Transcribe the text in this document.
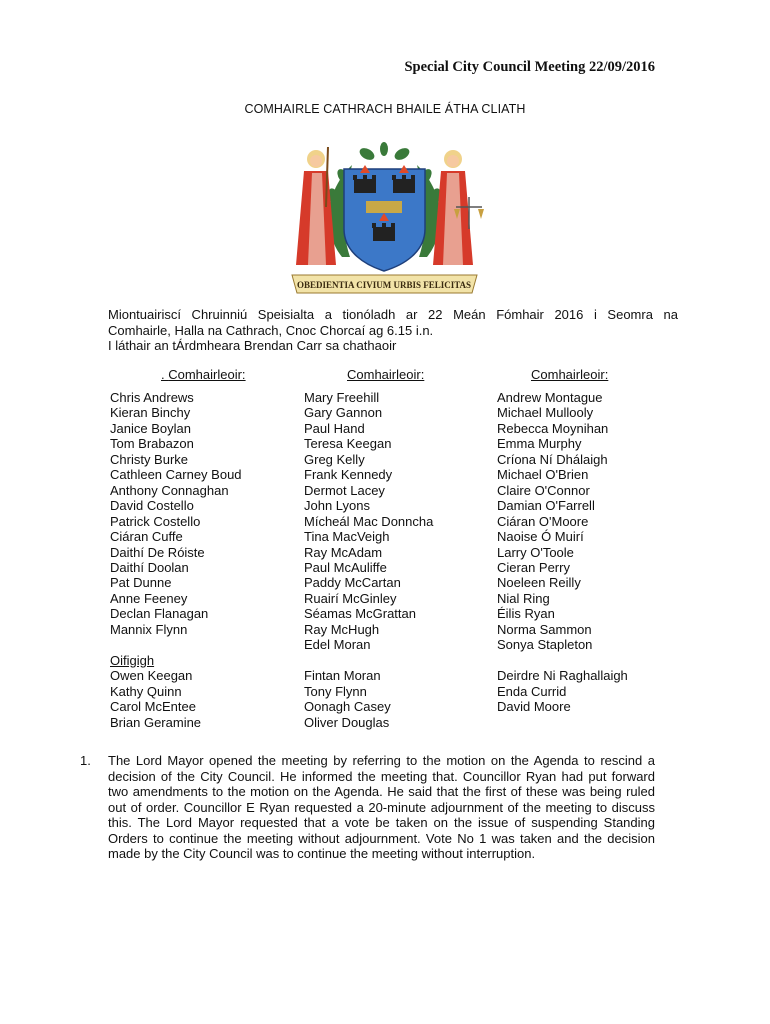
Special City Council Meeting 22/09/2016
COMHAIRLE CATHRACH BHAILE ÁTHA CLIATH
OBEDIENTIA CIVIUM URBIS FELICITAS
Miontuairiscí Chruinniú Speisialta a tionóladh ar 22 Meán Fómhair 2016 i Seomra na
Comhairle, Halla na Cathrach, Cnoc Chorcaí ag 6.15 i.n.
I láthair an tÁrdmheara Brendan Carr sa chathaoir
. Comhairleoir:	Comhairleoir:	Comhairleoir:
Chris Andrews
Kieran Binchy
Janice Boylan
Tom Brabazon
Christy Burke
Cathleen Carney Boud
Anthony Connaghan
David Costello
Patrick Costello
Ciáran Cuffe
Daithí De Róiste
Daithí Doolan
Pat Dunne
Anne Feeney
Declan Flanagan
Mannix Flynn
Oifigigh
Owen Keegan
Kathy Quinn
Carol McEntee
Brian Geramine
Mary Freehill
Gary Gannon
Paul Hand
Teresa Keegan
Greg Kelly
Frank Kennedy
Dermot Lacey
John Lyons
Mícheál Mac Donncha
Tina MacVeigh
Ray McAdam
Paul McAuliffe
Paddy McCartan
Ruairí McGinley
Séamas McGrattan
Ray McHugh
Edel Moran
Fintan Moran
Tony Flynn
Oonagh Casey
Oliver Douglas
Andrew Montague
Michael Mullooly
Rebecca Moynihan
Emma Murphy
Críona Ní Dhálaigh
Michael O'Brien
Claire O'Connor
Damian O'Farrell
Ciáran O'Moore
Naoise Ó Muirí
Larry O'Toole
Cieran Perry
Noeleen Reilly
Nial Ring
Éilis Ryan
Norma Sammon
Sonya Stapleton
Deirdre Ni Raghallaigh
Enda Currid
David Moore
1. The Lord Mayor opened the meeting by referring to the motion on the Agenda to rescind a decision of the City Council. He informed the meeting that. Councillor Ryan had put forward two amendments to the motion on the Agenda. He said that the first of these was being ruled out of order. Councillor E Ryan requested a 20-minute adjournment of the meeting to discuss this. The Lord Mayor requested that a vote be taken on the issue of suspending Standing Orders to continue the meeting without adjournment. Vote No 1 was taken and the decision made by the City Council was to continue the meeting without interruption.
